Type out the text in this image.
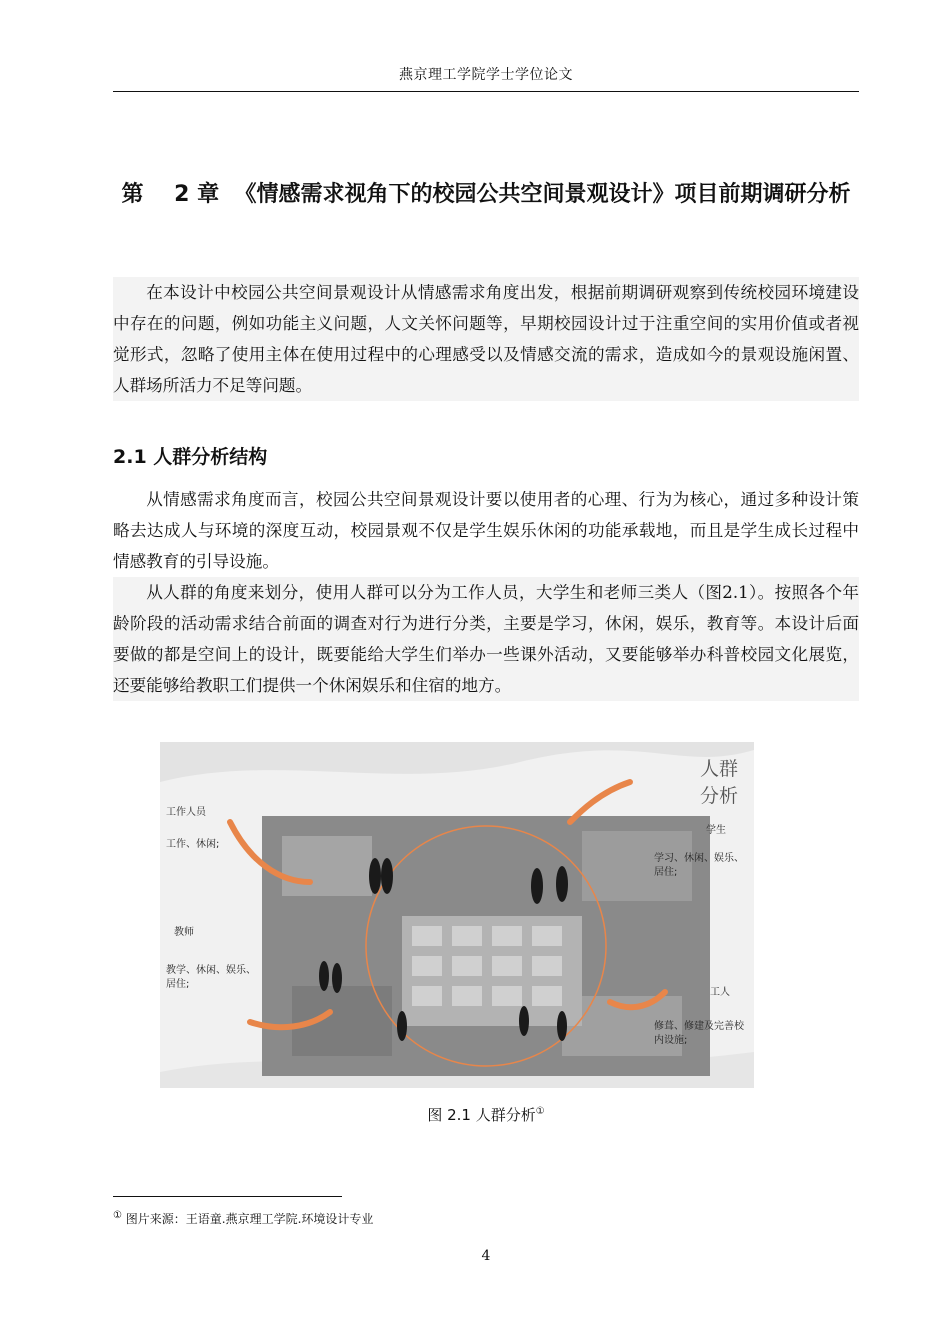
燕京理工学院学士学位论文
第 2 章 《情感需求视角下的校园公共空间景观设计》项目前期调研分析

在本设计中校园公共空间景观设计从情感需求角度出发，根据前期调研观察到传统校园环境建设中存在的问题，例如功能主义问题，人文关怀问题等，早期校园设计过于注重空间的实用价值或者视觉形式，忽略了使用主体在使用过程中的心理感受以及情感交流的需求，造成如今的景观设施闲置、人群场所活力不足等问题。

2.1 人群分析结构

从情感需求角度而言，校园公共空间景观设计要以使用者的心理、行为为核心，通过多种设计策略去达成人与环境的深度互动，校园景观不仅是学生娱乐休闲的功能承载地，而且是学生成长过程中情感教育的引导设施。

从人群的角度来划分，使用人群可以分为工作人员，大学生和老师三类人（图2.1）。按照各个年龄阶段的活动需求结合前面的调查对行为进行分类，主要是学习，休闲，娱乐，教育等。本设计后面要做的都是空间上的设计，既要能给大学生们举办一些课外活动，又要能够举办科普校园文化展览，还要能够给教职工们提供一个休闲娱乐和住宿的地方。

人群分析
工作人员
工作、休闲;
教师
教学、休闲、娱乐、居住;
学生
学习、休闲、娱乐、居住;
工人
修葺、修建及完善校内设施;
图 2.1 人群分析①
① 图片来源：王语童.燕京理工学院.环境设计专业
4
